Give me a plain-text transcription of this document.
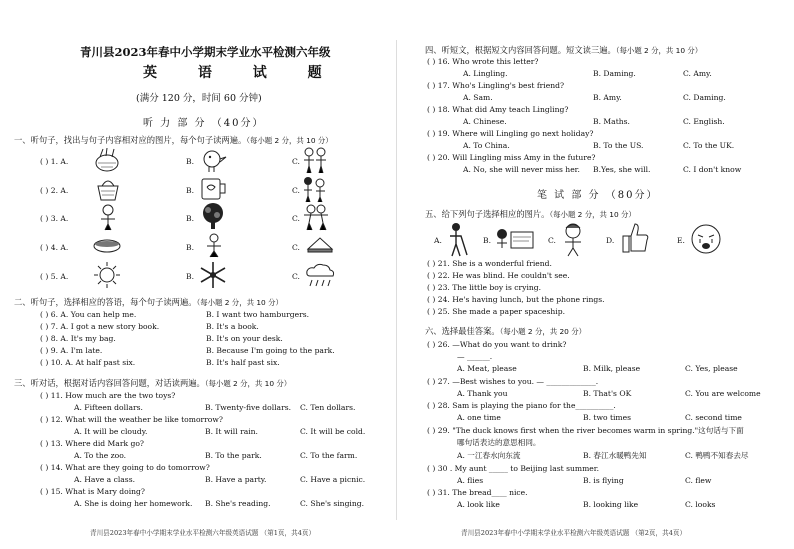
青川县2023年春中小学期末学业水平检测六年级
英 语 试 题
(满分 120 分，时间 60 分钟)
听 力 部 分 （40分）
一、听句子，找出与句子内容相对应的图片，每个句子读两遍。（每小题 2 分，共 10 分）
( ) 1. A.	B.	C.
( ) 2. A.	B.	C.
( ) 3. A.	B.	C.
( ) 4. A.	B.	C.
( ) 5. A.	B.	C.
二、听句子，选择相应的答语，每个句子读两遍。（每小题 2 分，共 10 分）
( ) 6. A. You can help me.	B. I want two hamburgers.
( ) 7. A. I got a new story book.	B. It's a book.
( ) 8. A. It's my bag.	B. It's on your desk.
( ) 9. A. I'm late.	B. Because I'm going to the park.
( ) 10. A. At half past six.	B. It's half past six.
三、听对话，根据对话内容回答问题，对话读两遍。（每小题 2 分，共 10 分）
( ) 11. How much are the two toys?
A. Fifteen dollars.	B. Twenty-five dollars. C. Ten dollars.
( ) 12. What will the weather be like tomorrow?
A. It will be cloudy.	B. It will rain.	C. It will be cold.
( ) 13. Where did Mark go?
A. To the zoo.	B. To the park.	C. To the farm.
( ) 14. What are they going to do tomorrow?
A. Have a class.	B. Have a party.	C. Have a picnic.
( ) 15. What is Mary doing?
A. She is doing her homework. B. She's reading.	C. She's singing.
青川县2023年春中小学期末学业水平检测六年级英语试题 （第1页，共4页）
四、听短文，根据短文内容回答问题。短文读三遍。（每小题 2 分，共 10 分）
( ) 16. Who wrote this letter?
A. Lingling.	B. Daming.	C. Amy.
( ) 17. Who's Lingling's best friend?
A. Sam.	B. Amy.	C. Daming.
( ) 18. What did Amy teach Lingling?
A. Chinese.	B. Maths.	C. English.
( ) 19. Where will Lingling go next holiday?
A. To China.	B. To the US.	C. To the UK.
( ) 20. Will Lingling miss Amy in the future?
A. No, she will never miss her. B.Yes, she will.	C. I don't know
笔 试 部 分 （80分）
五、给下列句子选择相应的图片。（每小题 2 分，共 10 分）
A.	B.	C.	D.	E.
( ) 21. She is a wonderful friend.
( ) 22. He was blind. He couldn't see.
( ) 23. The little boy is crying.
( ) 24. He's having lunch, but the phone rings.
( ) 25. She made a paper spaceship.
六、选择最佳答案。（每小题 2 分，共 20 分）
( ) 26. —What do you want to drink?
— ______.
A. Meat, please	B. Milk, please	C. Yes, please
( ) 27. —Best wishes to you. — _____________.
A. Thank you	B. That's OK	C. You are welcome
( ) 28. Sam is playing the piano for the__________.
A. one time	B. two times	C. second time
( ) 29. "The duck knows first when the river becomes warm in spring."这句话与下面
哪句话表达的意思相同。
A. 一江春水向东流	B. 春江水暖鸭先知	C. 鸭鸭不知春去尽
( ) 30 . My aunt _____ to Beijing last summer.
A. flies	B. is flying	C. flew
( ) 31. The bread____ nice.
A. look like	B. looking like	C. looks
青川县2023年春中小学期末学业水平检测六年级英语试题 （第2页，共4页）
